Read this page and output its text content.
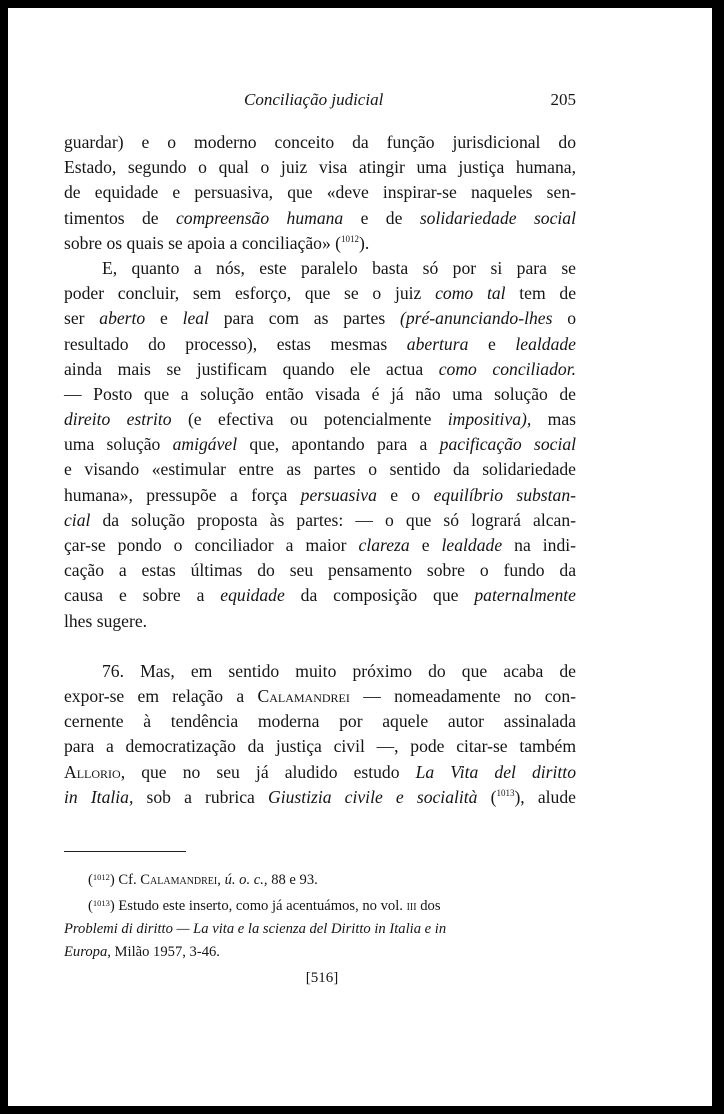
Conciliação judicial	205
guardar) e o moderno conceito da função jurisdicional do
Estado, segundo o qual o juiz visa atingir uma justiça humana,
de equidade e persuasiva, que «deve inspirar-se naqueles sen-
timentos de compreensão humana e de solidariedade social
sobre os quais se apoia a conciliação» ($^{1012}$).
E, quanto a nós, este paralelo basta só por si para se
poder concluir, sem esforço, que se o juiz como tal tem de
ser aberto e leal para com as partes (pré-anunciando-lhes o
resultado do processo), estas mesmas abertura e lealdade
ainda mais se justificam quando ele actua como conciliador.
— Posto que a solução então visada é já não uma solução de
direito estrito (e efectiva ou potencialmente impositiva), mas
uma solução amigável que, apontando para a pacificação social
e visando «estimular entre as partes o sentido da solidariedade
humana», pressupõe a força persuasiva e o equilíbrio substan-
cial da solução proposta às partes: — o que só logrará alcan-
çar-se pondo o conciliador a maior clareza e lealdade na indi-
cação a estas últimas do seu pensamento sobre o fundo da
causa e sobre a equidade da composição que paternalmente
lhes sugere.
76. Mas, em sentido muito próximo do que acaba de
expor-se em relação a Calamandrei — nomeadamente no con-
cernente à tendência moderna por aquele autor assinalada
para a democratização da justiça civil —, pode citar-se também
Allorio, que no seu já aludido estudo La Vita del diritto
in Italia, sob a rubrica Giustizia civile e socialità ($^{1013}$), alude
($^{1012}$) Cf. Calamandrei, ú. o. c., 88 e 93.
($^{1013}$) Estudo este inserto, como já acentuámos, no vol. iii dos
Problemi di diritto — La vita e la scienza del Diritto in Italia e in
Europa, Milão 1957, 3-46.
[516]
